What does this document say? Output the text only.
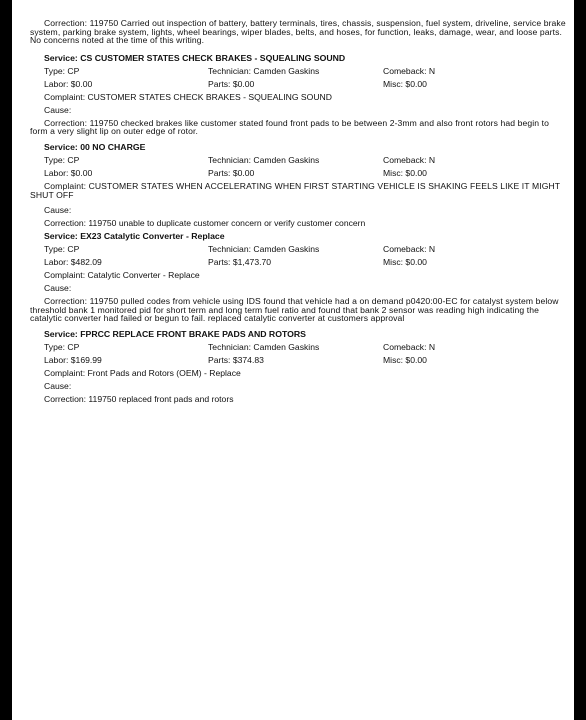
Correction: 119750 Carried out inspection of battery, battery terminals, tires, chassis, suspension, fuel system, driveline, service brake system, parking brake system, lights, wheel bearings, wiper blades, belts, and hoses, for function, leaks, damage, wear, and loose parts. No concerns noted at the time of this writing.

Service: CS CUSTOMER STATES CHECK BRAKES - SQUEALING SOUND
Type: CP	Technician: Camden Gaskins	Comeback: N
Labor: $0.00	Parts: $0.00	Misc: $0.00
Complaint: CUSTOMER STATES CHECK BRAKES - SQUEALING SOUND
Cause:

Correction: 119750 checked brakes like customer stated found front pads to be between 2-3mm and also front rotors had begin to form a very slight lip on outer edge of rotor.

Service: 00 NO CHARGE
Type: CP	Technician: Camden Gaskins	Comeback: N
Labor: $0.00	Parts: $0.00	Misc: $0.00

Complaint: CUSTOMER STATES WHEN ACCELERATING WHEN FIRST STARTING VEHICLE IS SHAKING FEELS LIKE IT MIGHT SHUT OFF

Cause:
Correction: 119750 unable to duplicate customer concern or verify customer concern
Service: EX23 Catalytic Converter - Replace
Type: CP	Technician: Camden Gaskins	Comeback: N
Labor: $482.09	Parts: $1,473.70	Misc: $0.00
Complaint: Catalytic Converter - Replace
Cause:

Correction: 119750 pulled codes from vehicle using IDS found that vehicle had a on demand p0420:00-EC for catalyst system below threshold bank 1 monitored pid for short term and long term fuel ratio and found that bank 2 sensor was reading high indicating the catalytic converter had failed or begun to fail. replaced catalytic converter at customers approval

Service: FPRCC REPLACE FRONT BRAKE PADS AND ROTORS
Type: CP	Technician: Camden Gaskins	Comeback: N
Labor: $169.99	Parts: $374.83	Misc: $0.00
Complaint: Front Pads and Rotors (OEM) - Replace
Cause:
Correction: 119750 replaced front pads and rotors
